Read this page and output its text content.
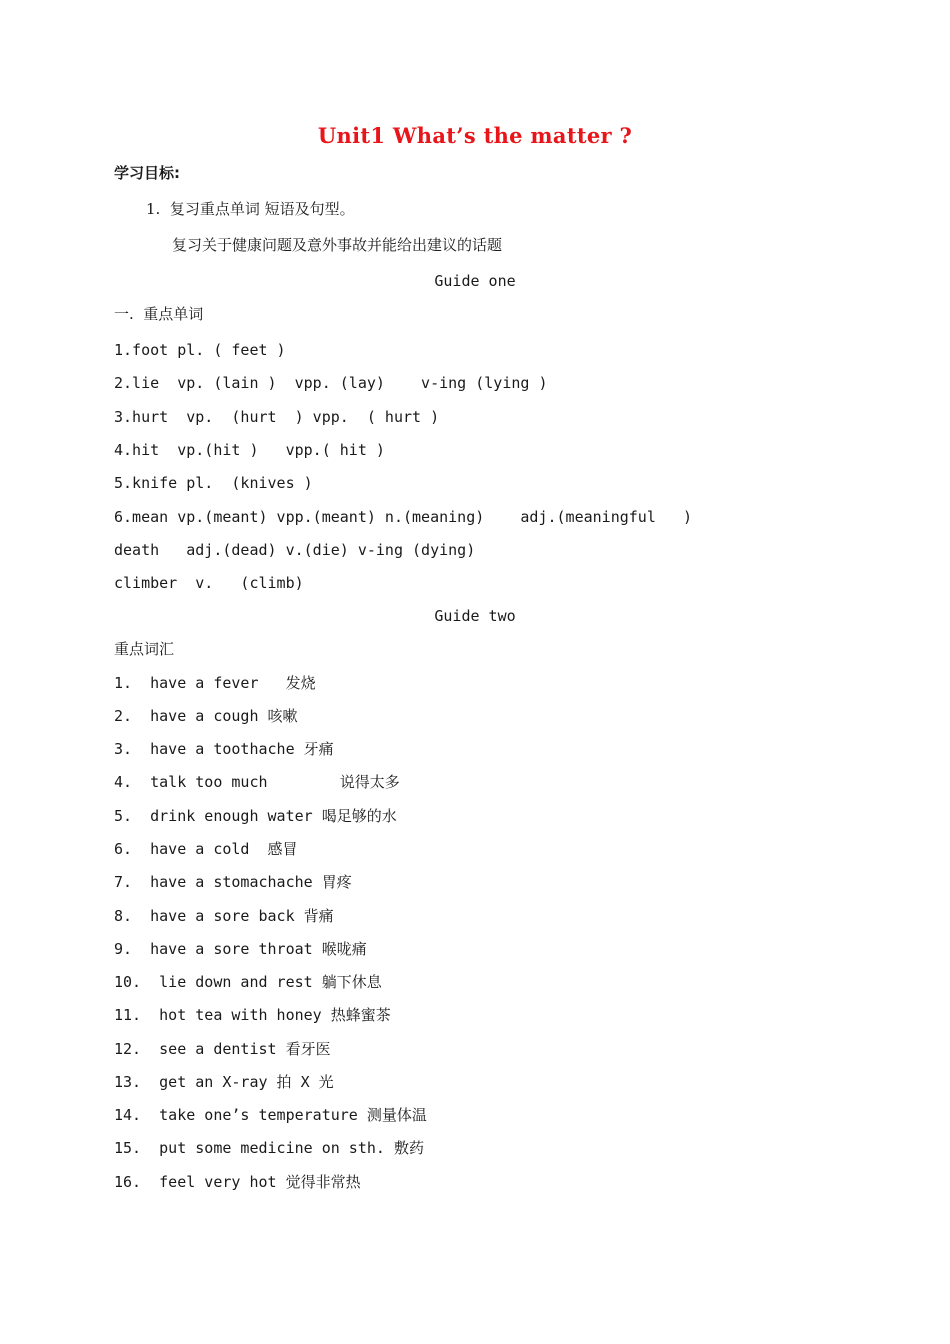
Unit1 What’s the matter ?
学习目标:
1.  复习重点单词 短语及句型。
复习关于健康问题及意外事故并能给出建议的话题
Guide one
一.  重点单词
1.foot pl. ( feet )
2.lie  vp. (lain )  vpp. (lay)    v-ing (lying )
3.hurt  vp.  (hurt  ) vpp.  ( hurt )
4.hit  vp.(hit )   vpp.( hit )
5.knife pl.  (knives )
6.mean vp.(meant) vpp.(meant) n.(meaning)    adj.(meaningful   )
death   adj.(dead) v.(die) v-ing (dying)
climber  v.   (climb)
Guide two
重点词汇
1.  have a fever   发烧
2.  have a cough 咳嗽
3.  have a toothache 牙痛
4.  talk too much        说得太多
5.  drink enough water 喝足够的水
6.  have a cold  感冒
7.  have a stomachache 胃疼
8.  have a sore back 背痛
9.  have a sore throat 喉咙痛
10.  lie down and rest 躺下休息
11.  hot tea with honey 热蜂蜜茶
12.  see a dentist 看牙医
13.  get an X-ray 拍 X 光
14.  take one’s temperature 测量体温
15.  put some medicine on sth. 敷药
16.  feel very hot 觉得非常热
